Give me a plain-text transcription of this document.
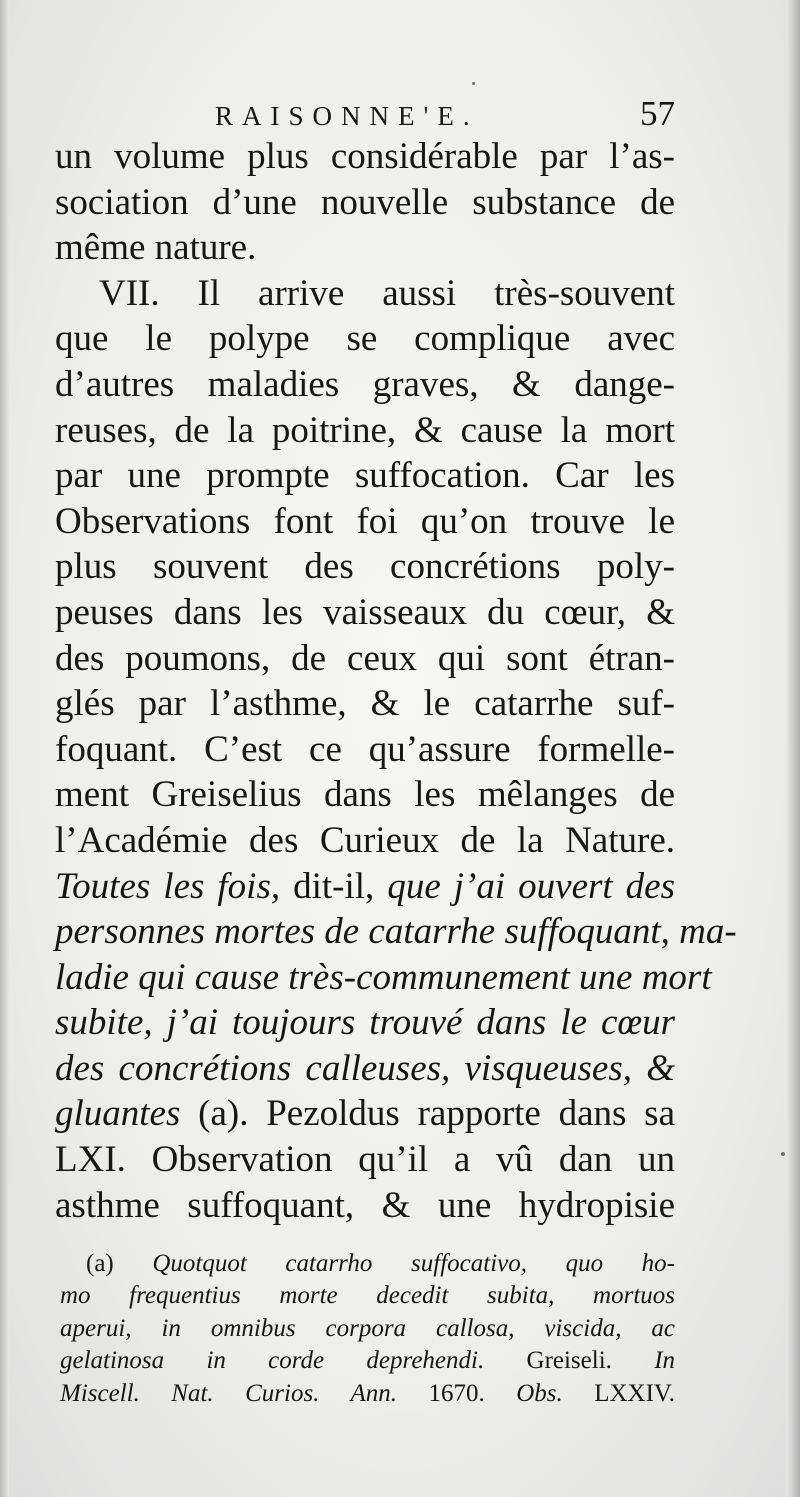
RAISONNE'E.	57
un volume plus considérable par l’as-
sociation d’une nouvelle substance de
même nature.
VII. Il arrive aussi très-souvent
que le polype se complique avec
d’autres maladies graves, & dange-
reuses, de la poitrine, & cause la mort
par une prompte suffocation. Car les
Observations font foi qu’on trouve le
plus souvent des concrétions poly-
peuses dans les vaisseaux du cœur, &
des poumons, de ceux qui sont étran-
glés par l’asthme, & le catarrhe suf-
foquant. C’est ce qu’assure formelle-
ment Greiselius dans les mêlanges de
l’Académie des Curieux de la Nature.
Toutes les fois, dit-il, que j’ai ouvert des
personnes mortes de catarrhe suffoquant, ma-
ladie qui cause très-communement une mort
subite, j’ai toujours trouvé dans le cœur
des concrétions calleuses, visqueuses, &
gluantes (a). Pezoldus rapporte dans sa
LXI. Observation qu’il a vû dan un
asthme suffoquant, & une hydropisie
(a) Quotquot catarrho suffocativo, quo ho-
mo frequentius morte decedit subita, mortuos
aperui, in omnibus corpora callosa, viscida, ac
gelatinosa in corde deprehendi. Greiseli. In
Miscell. Nat. Curios. Ann. 1670. Obs. LXXIV.
